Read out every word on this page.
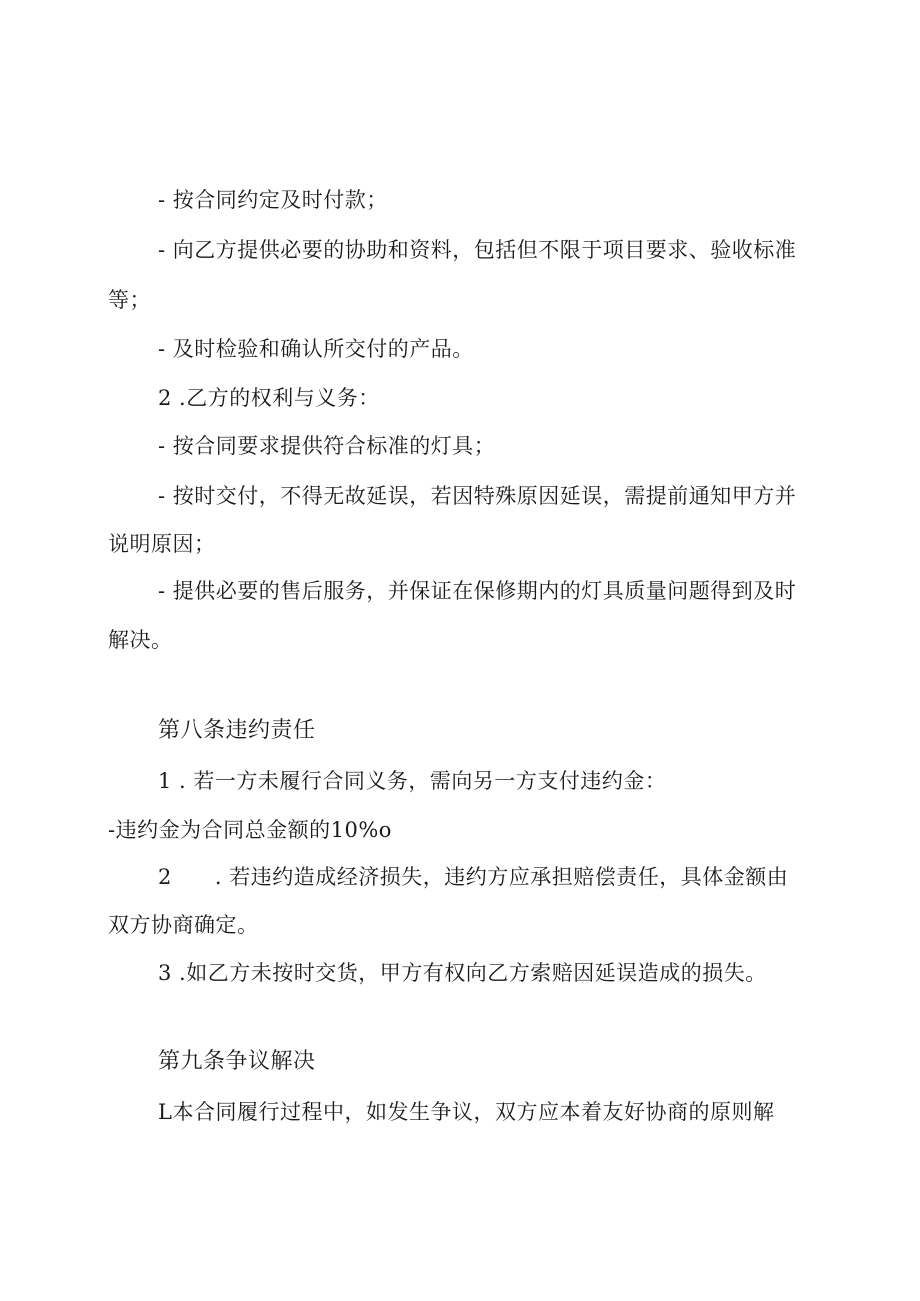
- 按合同约定及时付款；
- 向乙方提供必要的协助和资料，包括但不限于项目要求、验收标准
等；
- 及时检验和确认所交付的产品。
2 .乙方的权利与义务：
- 按合同要求提供符合标准的灯具；
- 按时交付，不得无故延误，若因特殊原因延误，需提前通知甲方并
说明原因；
- 提供必要的售后服务，并保证在保修期内的灯具质量问题得到及时
解决。
第八条违约责任
1 . 若一方未履行合同义务，需向另一方支付违约金：
-违约金为合同总金额的10%o
2　　. 若违约造成经济损失，违约方应承担赔偿责任，具体金额由
双方协商确定。
3 .如乙方未按时交货，甲方有权向乙方索赔因延误造成的损失。
第九条争议解决
L本合同履行过程中，如发生争议，双方应本着友好协商的原则解
